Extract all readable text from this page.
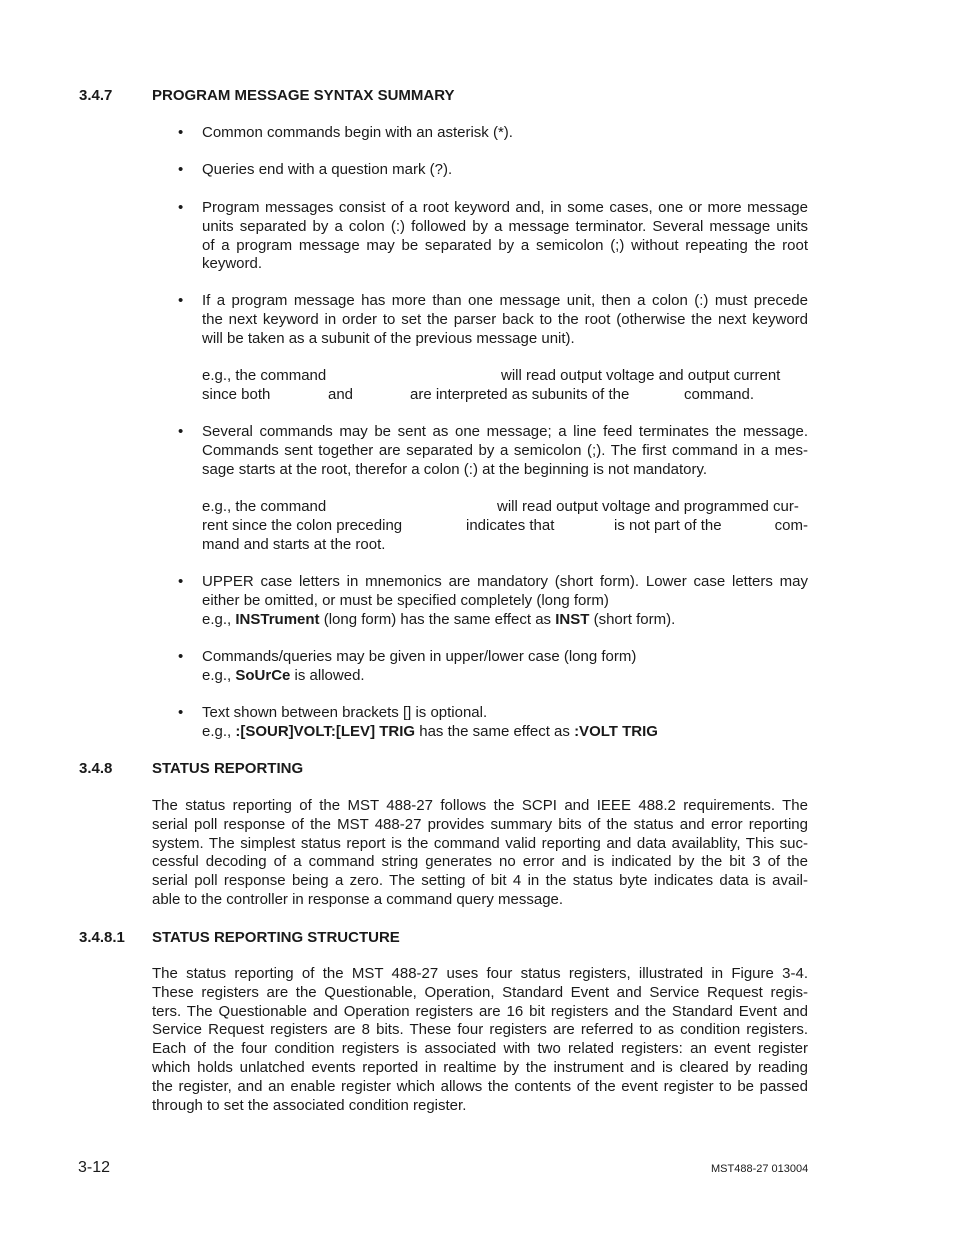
3.4.7	PROGRAM MESSAGE SYNTAX SUMMARY
• Common commands begin with an asterisk (*).
• Queries end with a question mark (?).
• Program messages consist of a root keyword and, in some cases, one or more message
units separated by a colon (:) followed by a message terminator. Several message units
of a program message may be separated by a semicolon (;) without repeating the root
keyword.
• If a program message has more than one message unit, then a colon (:) must precede
the next keyword in order to set the parser back to the root (otherwise the next keyword
will be taken as a subunit of the previous message unit).
e.g., the command	will read output voltage and output current
since both	and	are interpreted as subunits of the	command.
• Several commands may be sent as one message; a line feed terminates the message.
Commands sent together are separated by a semicolon (;). The first command in a mes-
sage starts at the root, therefor a colon (:) at the beginning is not mandatory.
e.g., the command	will read output voltage and programmed cur-
rent since the colon preceding	indicates that	is not part of the	com-
mand and starts at the root.
• UPPER case letters in mnemonics are mandatory (short form). Lower case letters may
either be omitted, or must be specified completely (long form)
e.g., INSTrument (long form) has the same effect as INST (short form).
• Commands/queries may be given in upper/lower case (long form)
e.g., SoUrCe is allowed.
• Text shown between brackets [] is optional.
e.g., :[SOUR]VOLT:[LEV] TRIG has the same effect as :VOLT TRIG
3.4.8	STATUS REPORTING
The status reporting of the MST 488-27 follows the SCPI and IEEE 488.2 requirements. The
serial poll response of the MST 488-27 provides summary bits of the status and error reporting
system. The simplest status report is the command valid reporting and data availablity, This suc-
cessful decoding of a command string generates no error and is indicated by the bit 3 of the
serial poll response being a zero. The setting of bit 4 in the status byte indicates data is avail-
able to the controller in response a command query message.
3.4.8.1 STATUS REPORTING STRUCTURE
The status reporting of the MST 488-27 uses four status registers, illustrated in Figure 3-4.
These registers are the Questionable, Operation, Standard Event and Service Request regis-
ters. The Questionable and Operation registers are 16 bit registers and the Standard Event and
Service Request registers are 8 bits. These four registers are referred to as condition registers.
Each of the four condition registers is associated with two related registers: an event register
which holds unlatched events reported in realtime by the instrument and is cleared by reading
the register, and an enable register which allows the contents of the event register to be passed
through to set the associated condition register.
3-12	MST488-27 013004
